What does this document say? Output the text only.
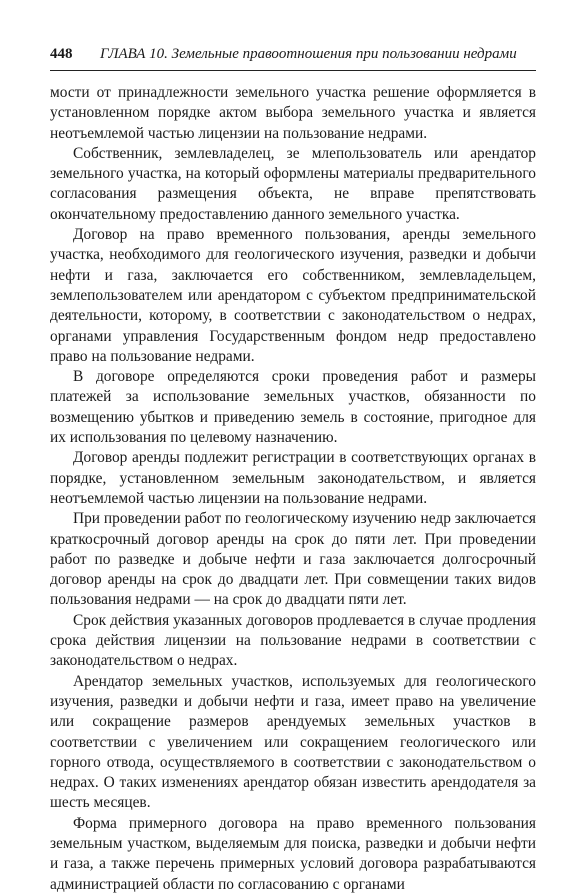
448 ГЛАВА 10. Земельные правоотношения при пользовании недрами

мости от принадлежности земельного участка решение оформляется в установленном порядке актом выбора земельного участка и является неотъемлемой частью лицензии на пользование недрами.

Собственник, землевладелец, зе млепользователь или арендатор земельного участка, на который оформлены материалы предварительного согласования размещения объекта, не вправе препятствовать окончательному предоставлению данного земельного участка.

Договор на право временного пользования, аренды земельного участка, необходимого для геологического изучения, разведки и добычи нефти и газа, заключается его собственником, землевладельцем, землепользователем или арендатором с субъектом предпринимательской деятельности, которому, в соответствии с законодательством о недрах, органами управления Государственным фондом недр предоставлено право на пользование недрами.

В договоре определяются сроки проведения работ и размеры платежей за использование земельных участков, обязанности по возмещению убытков и приведению земель в состояние, пригодное для их использования по целевому назначению.

Договор аренды подлежит регистрации в соответствующих органах в порядке, установленном земельным законодательством, и является неотъемлемой частью лицензии на пользование недрами.

При проведении работ по геологическому изучению недр заключается краткосрочный договор аренды на срок до пяти лет. При проведении работ по разведке и добыче нефти и газа заключается долгосрочный договор аренды на срок до двадцати лет. При совмещении таких видов пользования недрами — на срок до двадцати пяти лет.

Срок действия указанных договоров продлевается в случае продления срока действия лицензии на пользование недрами в соответствии с законодательством о недрах.

Арендатор земельных участков, используемых для геологического изучения, разведки и добычи нефти и газа, имеет право на увеличение или сокращение размеров арендуемых земельных участков в соответствии с увеличением или сокращением геологического или горного отвода, осуществляемого в соответствии с законодательством о недрах. О таких изменениях арендатор обязан известить арендодателя за шесть месяцев.

Форма примерного договора на право временного пользования земельным участком, выделяемым для поиска, разведки и добычи нефти и газа, а также перечень примерных условий договора разрабатываются администрацией области по согласованию с органами
